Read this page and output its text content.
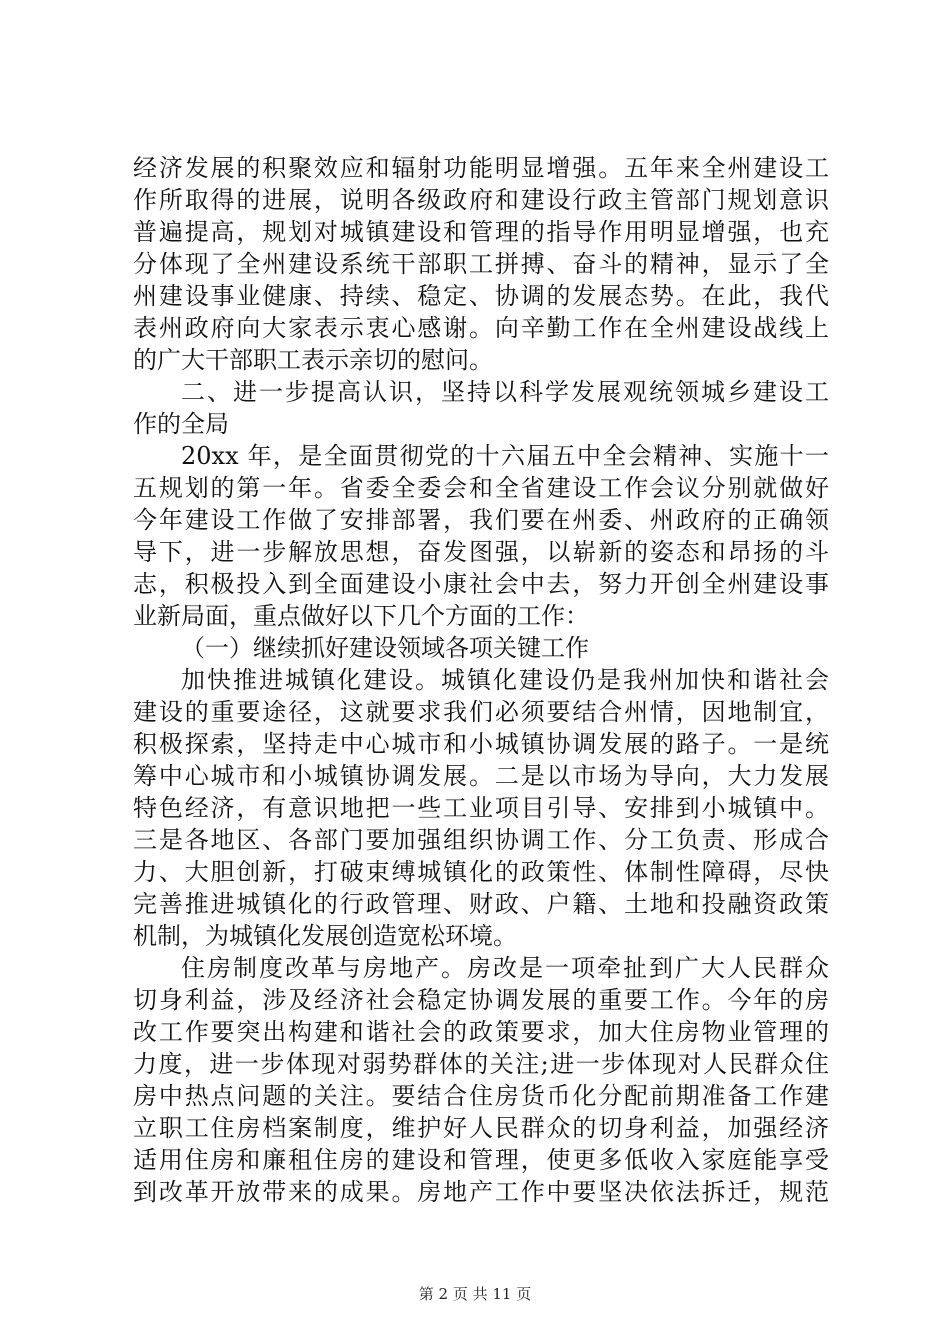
经济发展的积聚效应和辐射功能明显增强。五年来全州建设工
作所取得的进展，说明各级政府和建设行政主管部门规划意识
普遍提高，规划对城镇建设和管理的指导作用明显增强，也充
分体现了全州建设系统干部职工拼搏、奋斗的精神，显示了全
州建设事业健康、持续、稳定、协调的发展态势。在此，我代
表州政府向大家表示衷心感谢。向辛勤工作在全州建设战线上
的广大干部职工表示亲切的慰问。
二、进一步提高认识，坚持以科学发展观统领城乡建设工
作的全局
20xx 年，是全面贯彻党的十六届五中全会精神、实施十一
五规划的第一年。省委全委会和全省建设工作会议分别就做好
今年建设工作做了安排部署，我们要在州委、州政府的正确领
导下，进一步解放思想，奋发图强，以崭新的姿态和昂扬的斗
志，积极投入到全面建设小康社会中去，努力开创全州建设事
业新局面，重点做好以下几个方面的工作：
（一）继续抓好建设领域各项关键工作
加快推进城镇化建设。城镇化建设仍是我州加快和谐社会
建设的重要途径，这就要求我们必须要结合州情，因地制宜，
积极探索，坚持走中心城市和小城镇协调发展的路子。一是统
筹中心城市和小城镇协调发展。二是以市场为导向，大力发展
特色经济，有意识地把一些工业项目引导、安排到小城镇中。
三是各地区、各部门要加强组织协调工作、分工负责、形成合
力、大胆创新，打破束缚城镇化的政策性、体制性障碍，尽快
完善推进城镇化的行政管理、财政、户籍、土地和投融资政策
机制，为城镇化发展创造宽松环境。
住房制度改革与房地产。房改是一项牵扯到广大人民群众
切身利益，涉及经济社会稳定协调发展的重要工作。今年的房
改工作要突出构建和谐社会的政策要求，加大住房物业管理的
力度，进一步体现对弱势群体的关注;进一步体现对人民群众住
房中热点问题的关注。要结合住房货币化分配前期准备工作建
立职工住房档案制度，维护好人民群众的切身利益，加强经济
适用住房和廉租住房的建设和管理，使更多低收入家庭能享受
到改革开放带来的成果。房地产工作中要坚决依法拆迁，规范
第 2 页 共 11 页
